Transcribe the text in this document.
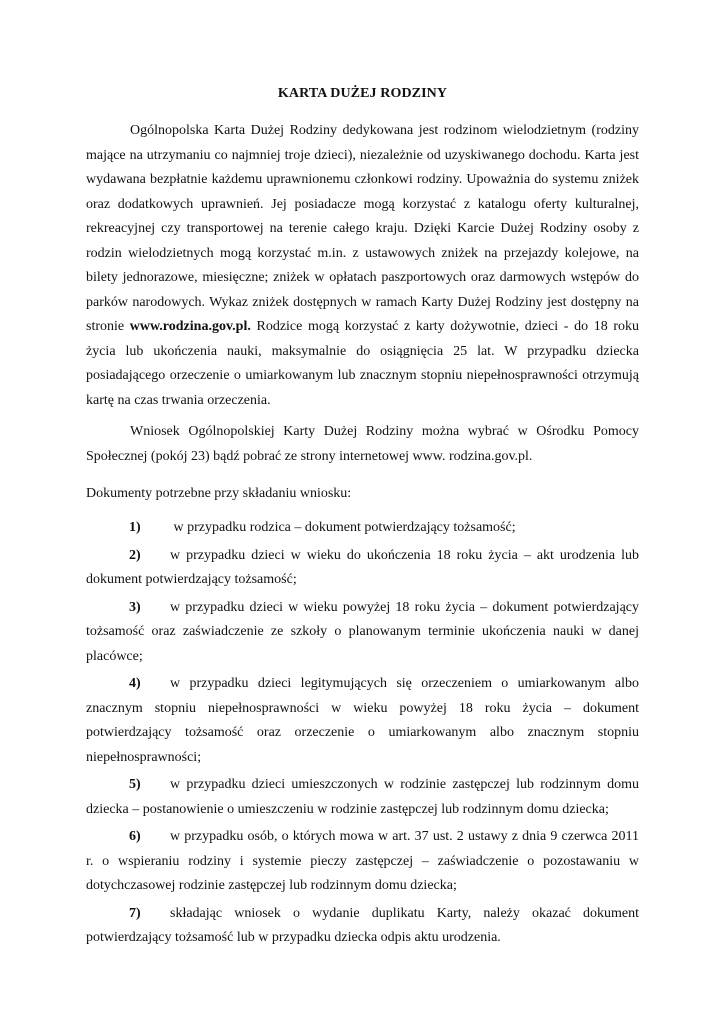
KARTA DUŻEJ RODZINY

Ogólnopolska Karta Dużej Rodziny dedykowana jest rodzinom wielodzietnym (rodziny mające na utrzymaniu co najmniej troje dzieci), niezależnie od uzyskiwanego dochodu. Karta jest wydawana bezpłatnie każdemu uprawnionemu członkowi rodziny. Upoważnia do systemu zniżek oraz dodatkowych uprawnień. Jej posiadacze mogą korzystać z katalogu oferty kulturalnej, rekreacyjnej czy transportowej na terenie całego kraju. Dzięki Karcie Dużej Rodziny osoby z rodzin wielodzietnych mogą korzystać m.in. z ustawowych zniżek na przejazdy kolejowe, na bilety jednorazowe, miesięczne; zniżek w opłatach paszportowych oraz darmowych wstępów do parków narodowych. Wykaz zniżek dostępnych w ramach Karty Dużej Rodziny jest dostępny na stronie www.rodzina.gov.pl. Rodzice mogą korzystać z karty dożywotnie, dzieci - do 18 roku życia lub ukończenia nauki, maksymalnie do osiągnięcia 25 lat. W przypadku dziecka posiadającego orzeczenie o umiarkowanym lub znacznym stopniu niepełnosprawności otrzymują kartę na czas trwania orzeczenia.

Wniosek Ogólnopolskiej Karty Dużej Rodziny można wybrać w Ośrodku Pomocy Społecznej (pokój 23) bądź pobrać ze strony internetowej www. rodzina.gov.pl.

Dokumenty potrzebne przy składaniu wniosku:

1) w przypadku rodzica – dokument potwierdzający tożsamość;

2) w przypadku dzieci w wieku do ukończenia 18 roku życia – akt urodzenia lub dokument potwierdzający tożsamość;

3) w przypadku dzieci w wieku powyżej 18 roku życia – dokument potwierdzający tożsamość oraz zaświadczenie ze szkoły o planowanym terminie ukończenia nauki w danej placówce;

4) w przypadku dzieci legitymujących się orzeczeniem o umiarkowanym albo znacznym stopniu niepełnosprawności w wieku powyżej 18 roku życia – dokument potwierdzający tożsamość oraz orzeczenie o umiarkowanym albo znacznym stopniu niepełnosprawności;

5) w przypadku dzieci umieszczonych w rodzinie zastępczej lub rodzinnym domu dziecka – postanowienie o umieszczeniu w rodzinie zastępczej lub rodzinnym domu dziecka;

6) w przypadku osób, o których mowa w art. 37 ust. 2 ustawy z dnia 9 czerwca 2011 r. o wspieraniu rodziny i systemie pieczy zastępczej – zaświadczenie o pozostawaniu w dotychczasowej rodzinie zastępczej lub rodzinnym domu dziecka;

7) składając wniosek o wydanie duplikatu Karty, należy okazać dokument potwierdzający tożsamość lub w przypadku dziecka odpis aktu urodzenia.
